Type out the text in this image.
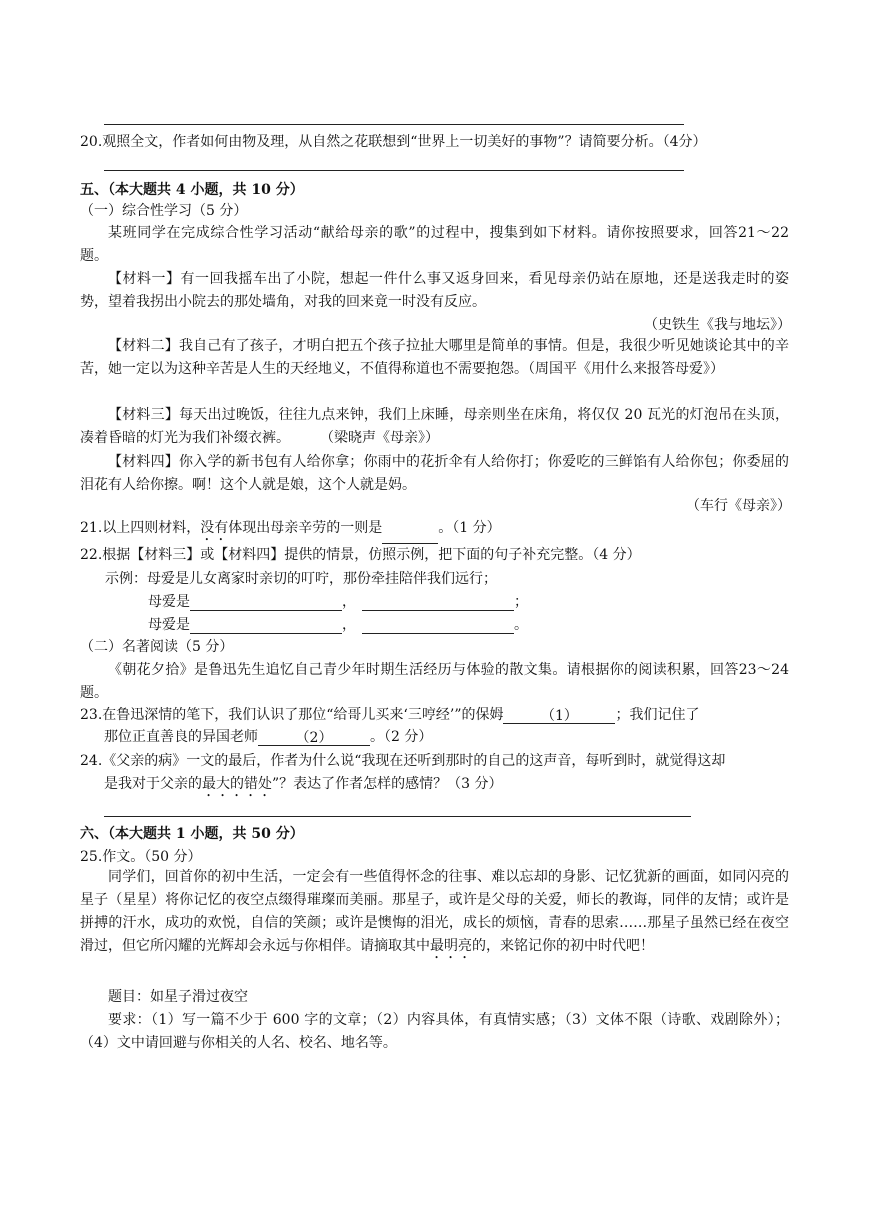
20.观照全文，作者如何由物及理，从自然之花联想到“世界上一切美好的事物”？请简要分析。（4分）
五、（本大题共 4 小题，共 10 分）
（一）综合性学习（5 分）
某班同学在完成综合性学习活动“献给母亲的歌”的过程中，搜集到如下材料。请你按照要求，回答21～22 题。
【材料一】有一回我摇车出了小院，想起一件什么事又返身回来，看见母亲仍站在原地，还是送我走时的姿势，望着我拐出小院去的那处墙角，对我的回来竟一时没有反应。
（史铁生《我与地坛》）
【材料二】我自己有了孩子，才明白把五个孩子拉扯大哪里是简单的事情。但是，我很少听见她谈论其中的辛苦，她一定以为这种辛苦是人生的天经地义，不值得称道也不需要抱怨。（周国平《用什么来报答母爱》）
【材料三】每天出过晚饭，往往九点来钟，我们上床睡，母亲则坐在床角，将仅仅 20 瓦光的灯泡吊在头顶，凑着昏暗的灯光为我们补缀衣裤。 （梁晓声《母亲》）
【材料四】你入学的新书包有人给你拿；你雨中的花折伞有人给你打；你爱吃的三鲜馅有人给你包；你委屈的泪花有人给你擦。啊！这个人就是娘，这个人就是妈。
（车行《母亲》）
21.以上四则材料，没有体现出母亲辛劳的一则是	。（1 分）
22.根据【材料三】或【材料四】提供的情景，仿照示例，把下面的句子补充完整。（4 分）
示例：母爱是儿女离家时亲切的叮咛，那份牵挂陪伴我们远行；
母爱是	，	；
母爱是	，	。
（二）名著阅读（5 分）
《朝花夕拾》是鲁迅先生追忆自己青少年时期生活经历与体验的散文集。请根据你的阅读积累，回答23～24 题。
23.在鲁迅深情的笔下，我们认识了那位“给哥儿买来‘三哼经’”的保姆	（1）	；我们记住了
那位正直善良的异国老师	（2）	。（2 分）
24.《父亲的病》一文的最后，作者为什么说“我现在还听到那时的自己的这声音，每听到时，就觉得这却
是我对于父亲的最大的错处”？表达了作者怎样的感情？（3 分）
六、（本大题共 1 小题，共 50 分）
25.作文。（50 分）
同学们，回首你的初中生活，一定会有一些值得怀念的往事、难以忘却的身影、记忆犹新的画面，如同闪亮的星子（星星）将你记忆的夜空点缀得璀璨而美丽。那星子，或许是父母的关爱，师长的教诲，同伴的友情；或许是拼搏的汗水，成功的欢悦，自信的笑颜；或许是懊悔的泪光，成长的烦恼，青春的思索……那星子虽然已经在夜空滑过，但它所闪耀的光辉却会永远与你相伴。请摘取其中最明亮的，来铭记你的初中时代吧！
题目：如星子滑过夜空
要求：（1）写一篇不少于 600 字的文章；（2）内容具体，有真情实感；（3）文体不限（诗歌、戏剧除外）；（4）文中请回避与你相关的人名、校名、地名等。
